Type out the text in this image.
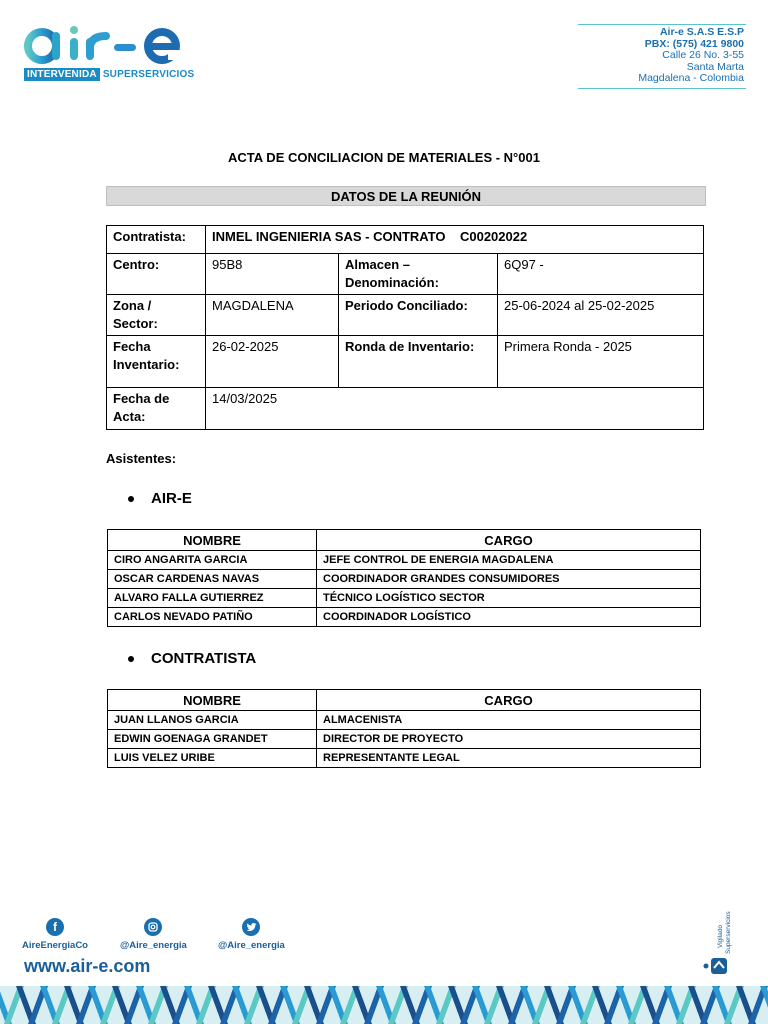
INTERVENIDA SUPERSERVICIOS
Air-e S.A.S E.S.P
PBX: (575) 421 9800
Calle 26 No. 3-55
Santa Marta
Magdalena - Colombia
ACTA DE CONCILIACION DE MATERIALES - N°001
DATOS DE LA REUNIÓN
Contratista:	INMEL INGENIERIA SAS - CONTRATO    C00202022		
Centro:	95B8	Almacen – Denominación:	6Q97 -
Zona / Sector:	MAGDALENA	Periodo Conciliado:	25-06-2024 al 25-02-2025
Fecha Inventario:	26-02-2025	Ronda de Inventario:	Primera Ronda - 2025
Fecha de Acta:	14/03/2025		
Asistentes:
AIR-E
NOMBRE	CARGO
CIRO ANGARITA GARCIA	JEFE CONTROL DE ENERGIA MAGDALENA
OSCAR CARDENAS NAVAS	COORDINADOR GRANDES CONSUMIDORES
ALVARO FALLA GUTIERREZ	TÉCNICO LOGÍSTICO SECTOR
CARLOS NEVADO PATIÑO	COORDINADOR LOGÍSTICO
CONTRATISTA
NOMBRE	CARGO
JUAN LLANOS GARCIA	ALMACENISTA
EDWIN GOENAGA GRANDET	DIRECTOR DE PROYECTO
LUIS VELEZ URIBE	REPRESENTANTE LEGAL
f
AireEnergiaCo	@Aire_energia	@Aire_energia
www.air-e.com
Vigilado Superservicios
